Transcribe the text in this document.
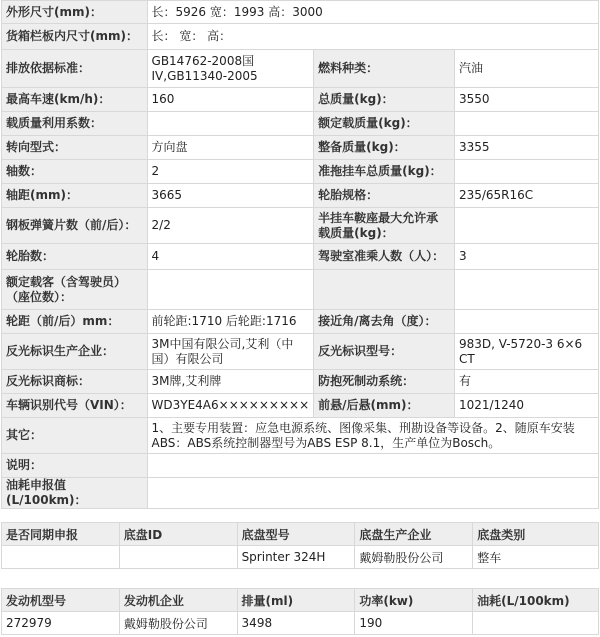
外形尺寸(mm)：	长：5926 宽：1993 高：3000		
货箱栏板内尺寸(mm)：	长： 宽： 高：		
排放依据标准：	GB14762-2008国IV,GB11340-2005	燃料种类：	汽油
最高车速(km/h)：	160	总质量(kg)：	3550
载质量利用系数：		额定载质量(kg)：	
转向型式：	方向盘	整备质量(kg)：	3355
轴数：	2	准拖挂车总质量(kg)：	
轴距(mm)：	3665	轮胎规格：	235/65R16C
钢板弹簧片数（前/后）：	2/2	半挂车鞍座最大允许承载质量(kg)：	
轮胎数：	4	驾驶室准乘人数（人）：	3
额定载客（含驾驶员）（座位数）：			
轮距（前/后）mm：	前轮距:1710 后轮距:1716	接近角/离去角（度）：	
反光标识生产企业：	3M中国有限公司,艾利（中国）有限公司	反光标识型号：	983D, V-5720-3 6×6 CT
反光标识商标：	3M牌,艾利牌	防抱死制动系统：	有
车辆识别代号（VIN）：	WD3YE4A6×××××××××	前悬/后悬(mm)：	1021/1240
其它：	1、主要专用装置：应急电源系统、图像采集、刑勘设备等设备。2、随原车安装ABS：ABS系统控制器型号为ABS ESP 8.1，生产单位为Bosch。		
说明：			
油耗申报值(L/100km)：			
是否同期申报	底盘ID	底盘型号	底盘生产企业	底盘类别
		Sprinter 324H	戴姆勒股份公司	整车
发动机型号	发动机企业	排量(ml)	功率(kw)	油耗(L/100km)
272979	戴姆勒股份公司	3498	190	
